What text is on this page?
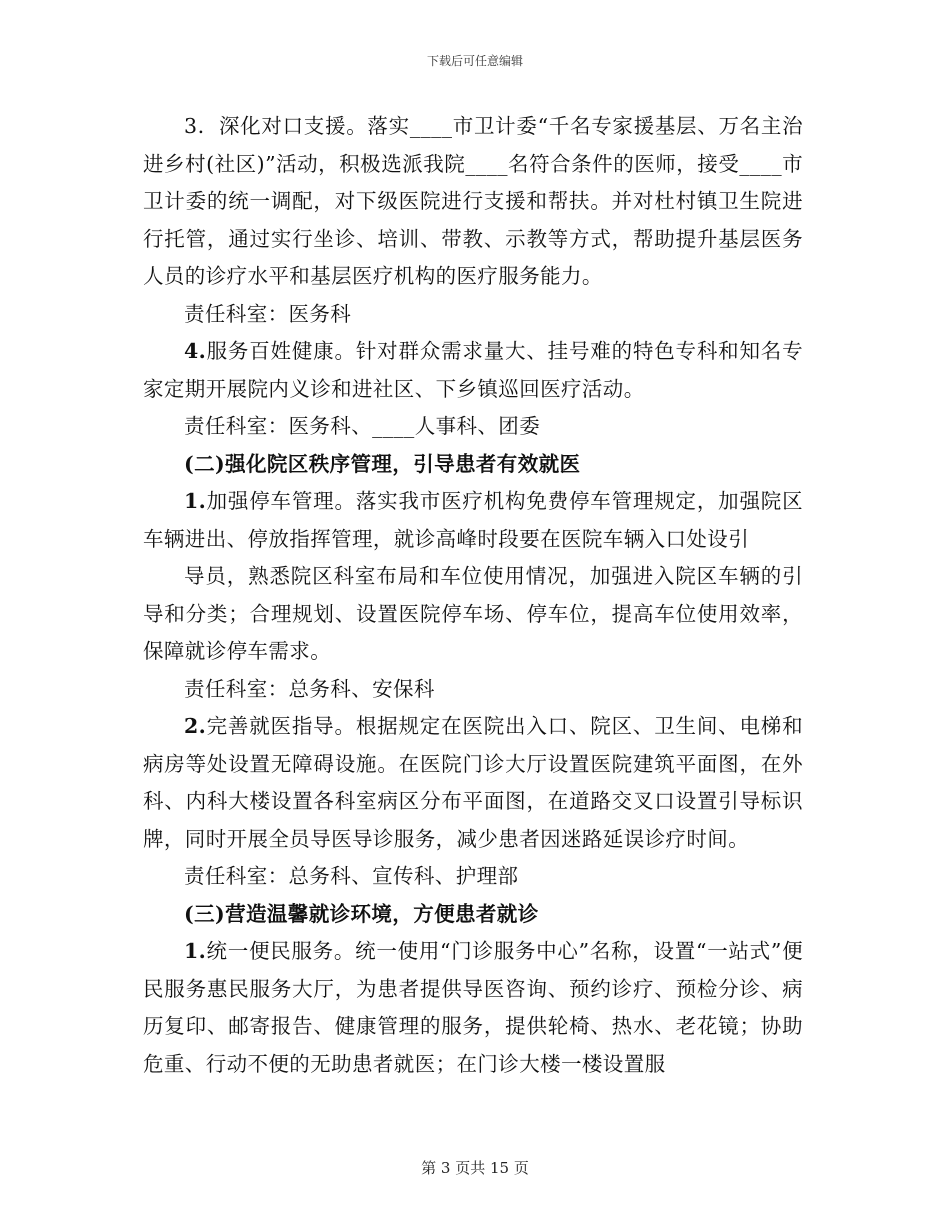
下载后可任意编辑

3．深化对口支援。落实____市卫计委“千名专家援基层、万名主治进乡村(社区)”活动，积极选派我院____名符合条件的医师，接受____市卫计委的统一调配，对下级医院进行支援和帮扶。并对杜村镇卫生院进行托管，通过实行坐诊、培训、带教、示教等方式，帮助提升基层医务人员的诊疗水平和基层医疗机构的医疗服务能力。

责任科室：医务科

4.服务百姓健康。针对群众需求量大、挂号难的特色专科和知名专家定期开展院内义诊和进社区、下乡镇巡回医疗活动。

责任科室：医务科、____人事科、团委

(二)强化院区秩序管理，引导患者有效就医

1.加强停车管理。落实我市医疗机构免费停车管理规定，加强院区车辆进出、停放指挥管理，就诊高峰时段要在医院车辆入口处设引

导员，熟悉院区科室布局和车位使用情况，加强进入院区车辆的引导和分类；合理规划、设置医院停车场、停车位，提高车位使用效率，保障就诊停车需求。

责任科室：总务科、安保科

2.完善就医指导。根据规定在医院出入口、院区、卫生间、电梯和病房等处设置无障碍设施。在医院门诊大厅设置医院建筑平面图，在外科、内科大楼设置各科室病区分布平面图，在道路交叉口设置引导标识牌，同时开展全员导医导诊服务，减少患者因迷路延误诊疗时间。

责任科室：总务科、宣传科、护理部

(三)营造温馨就诊环境，方便患者就诊

1.统一便民服务。统一使用“门诊服务中心”名称，设置“一站式”便民服务惠民服务大厅，为患者提供导医咨询、预约诊疗、预检分诊、病历复印、邮寄报告、健康管理的服务，提供轮椅、热水、老花镜；协助危重、行动不便的无助患者就医；在门诊大楼一楼设置服

第 3 页共 15 页
